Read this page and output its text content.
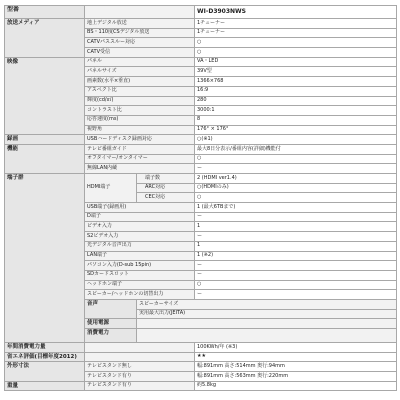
型番			WI-D3903NWS	
放送メディア	地上デジタル放送		1チューナー	
	BS・110度CSデジタル放送		1チューナー	
	CATVパススルー対応		○	
	CATV受信		○	
映像	パネル		VA・LED	
	パネルサイズ		39V型	
	画素数(水平×垂直)		1366×768	
	アスペクト比		16:9	
	輝度(cd/㎡)		280	
	コントラスト比		3000:1	
	応答速度(ms)		8	
	視野角		176° × 176°	
録画	USBハードディスク録画対応		○(※1)	
機能	テレビ番組ガイド		最大8日分表示/番組内容(詳細)機能付	
	オフタイマー/オンタイマー		○	
	無線LAN内蔵		ー	
端子群	HDMI端子	端子数	2 (HDMI ver1.4)	
		ARC対応	○(HDMIのみ)	
		CEC対応	○	
	USB端子(録画用)		1 (最大6TBまで)	
	D端子		ー	
	ビデオ入力		1	
	S2ビデオ入力		ー	
	光デジタル音声出力		1	
	LAN端子		1 (※2)	
	パソコン入力(D-sub 15pin)		ー	
	SDカードスロット		ー	
	ヘッドホン端子		○	
	スピーカー/ヘッドホンの切替出力		ー	
	音声	スピーカーサイズ	
		実用最大出力(JEITA)	
	使用電源		
	消費電力		

年間消費電力量			100KWh/年 (※3)	
省エネ評価(目標年度2012)			★★	
外形寸法	テレビスタンド無し		幅:891mm 高さ:514mm 奥行:94mm	
	テレビスタンド有り		幅:891mm 高さ:563mm 奥行:220mm	
重量	テレビスタンド有り		約5.8kg	
